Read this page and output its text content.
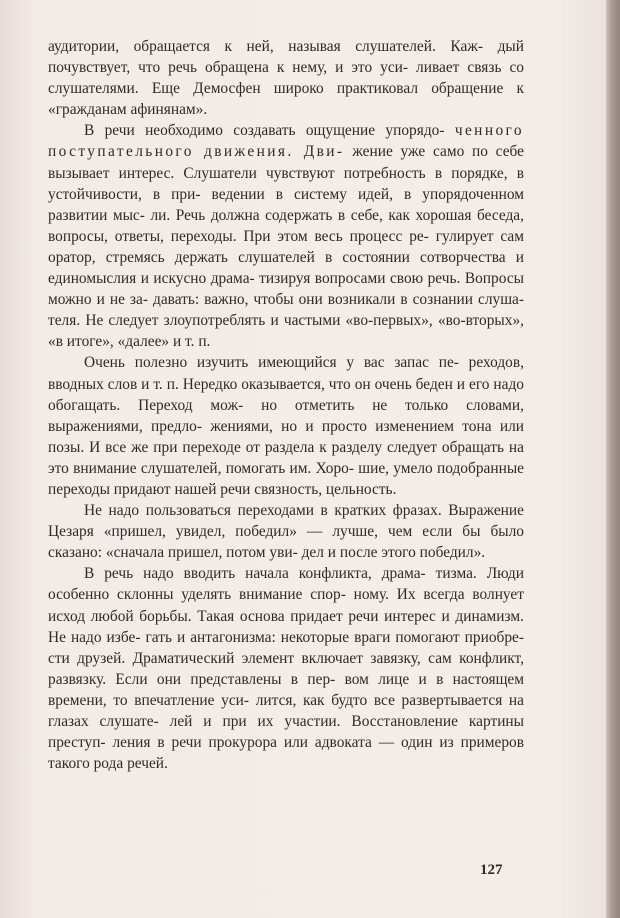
аудитории, обращается к ней, называя слушателей. Каж- дый почувствует, что речь обращена к нему, и это уси- ливает связь со слушателями. Еще Демосфен широко практиковал обращение к «гражданам афинянам».

В речи необходимо создавать ощущение упорядо- ченного поступательного движения. Дви- жение уже само по себе вызывает интерес. Слушатели чувствуют потребность в порядке, в устойчивости, в при- ведении в систему идей, в упорядоченном развитии мыс- ли. Речь должна содержать в себе, как хорошая беседа, вопросы, ответы, переходы. При этом весь процесс ре- гулирует сам оратор, стремясь держать слушателей в состоянии сотворчества и единомыслия и искусно драма- тизируя вопросами свою речь. Вопросы можно и не за- давать: важно, чтобы они возникали в сознании слуша- теля. Не следует злоупотреблять и частыми «во-первых», «во-вторых», «в итоге», «далее» и т. п.

Очень полезно изучить имеющийся у вас запас пе- реходов, вводных слов и т. п. Нередко оказывается, что он очень беден и его надо обогащать. Переход мож- но отметить не только словами, выражениями, предло- жениями, но и просто изменением тона или позы. И все же при переходе от раздела к разделу следует обращать на это внимание слушателей, помогать им. Хоро- шие, умело подобранные переходы придают нашей речи связность, цельность.

Не надо пользоваться переходами в кратких фразах. Выражение Цезаря «пришел, увидел, победил» — лучше, чем если бы было сказано: «сначала пришел, потом уви- дел и после этого победил».

В речь надо вводить начала конфликта, драма- тизма. Люди особенно склонны уделять внимание спор- ному. Их всегда волнует исход любой борьбы. Такая основа придает речи интерес и динамизм. Не надо избе- гать и антагонизма: некоторые враги помогают приобре- сти друзей. Драматический элемент включает завязку, сам конфликт, развязку. Если они представлены в пер- вом лице и в настоящем времени, то впечатление уси- лится, как будто все развертывается на глазах слушате- лей и при их участии. Восстановление картины преступ- ления в речи прокурора или адвоката — один из примеров такого рода речей.

127
